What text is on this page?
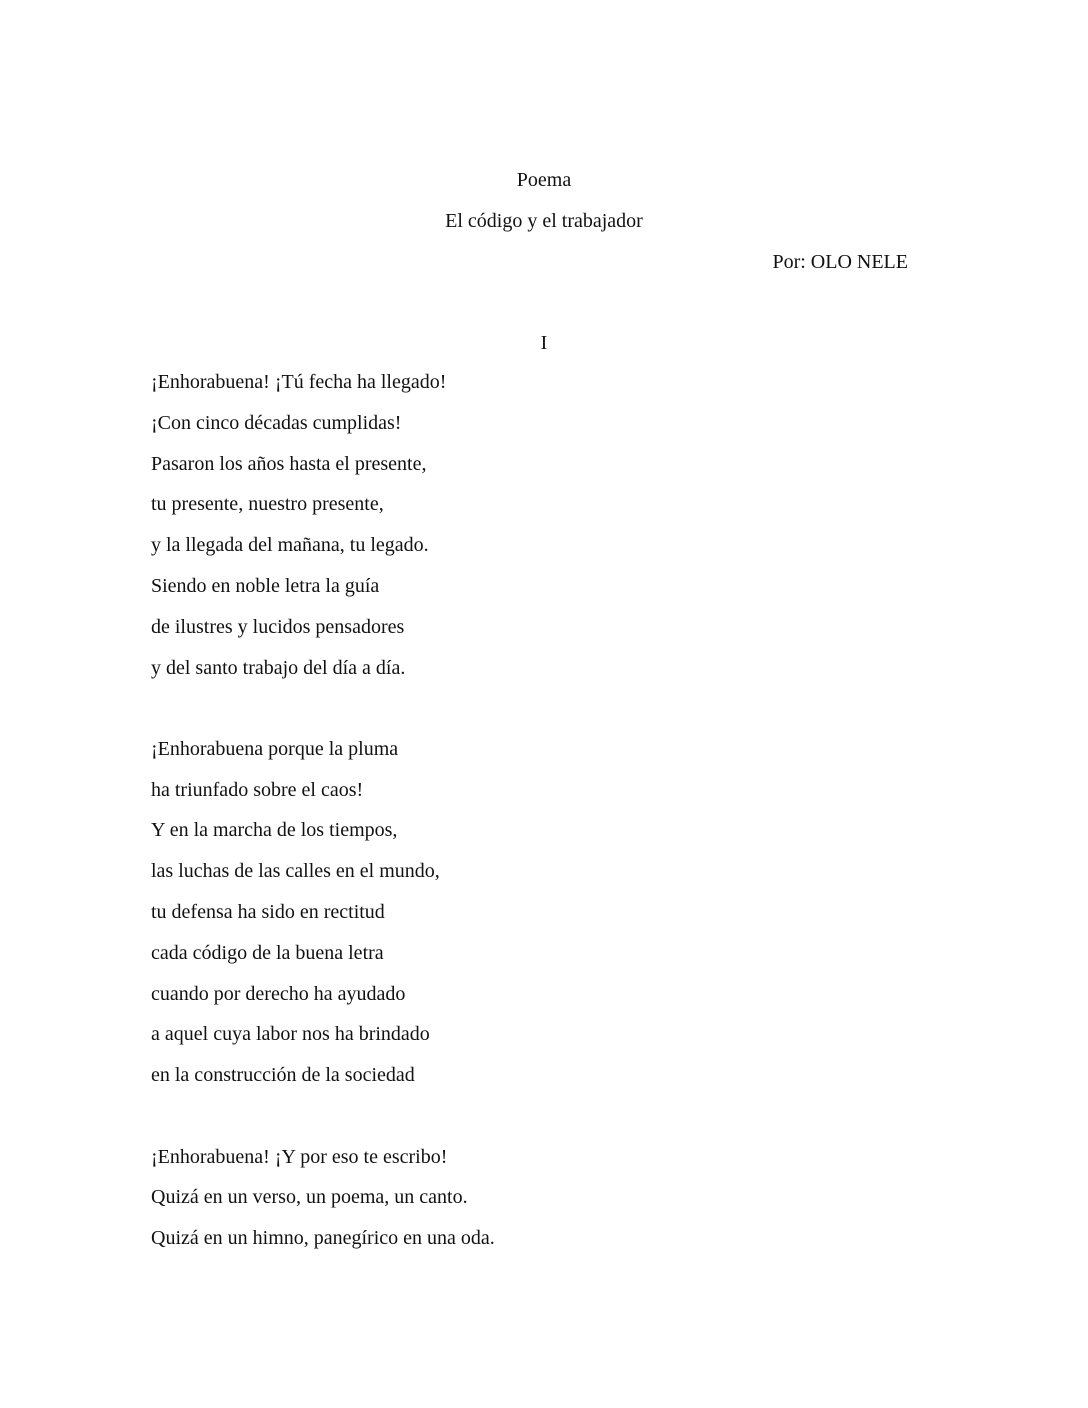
Poema
El código y el trabajador
Por: OLO NELE
I
¡Enhorabuena! ¡Tú fecha ha llegado!
¡Con cinco décadas cumplidas!
Pasaron los años hasta el presente,
tu presente, nuestro presente,
y la llegada del mañana, tu legado.
Siendo en noble letra la guía
de ilustres y lucidos pensadores
y del santo trabajo del día a día.
¡Enhorabuena porque la pluma
ha triunfado sobre el caos!
Y en la marcha de los tiempos,
las luchas de las calles en el mundo,
tu defensa ha sido en rectitud
cada código de la buena letra
cuando por derecho ha ayudado
a aquel cuya labor nos ha brindado
en la construcción de la sociedad
¡Enhorabuena! ¡Y por eso te escribo!
Quizá en un verso, un poema, un canto.
Quizá en un himno, panegírico en una oda.
